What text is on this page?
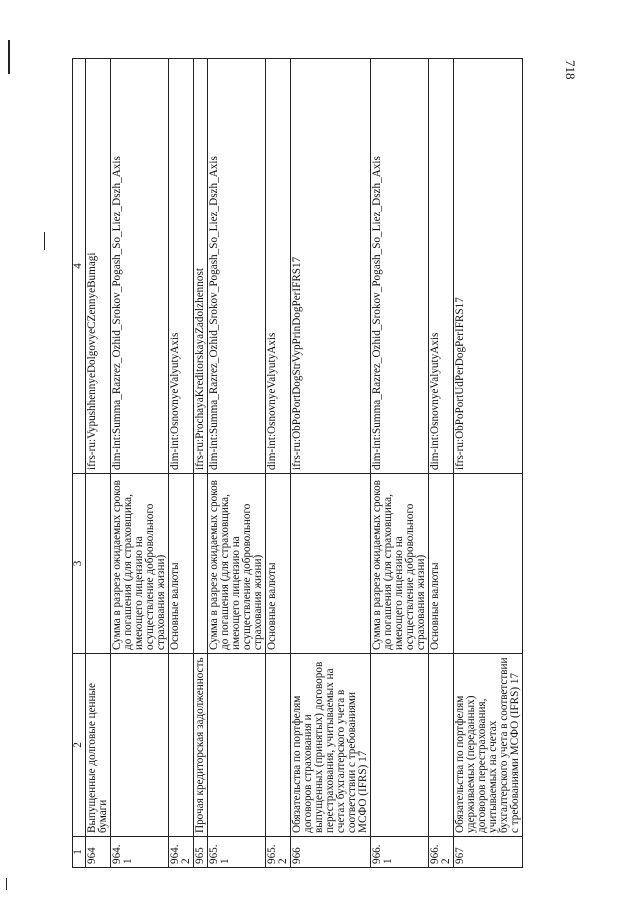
718
1	2	3	4
964	Выпущенные долговые ценные бумаги		ifrs-ru:VypushhennyeDolgovyeCZennyeBumagi
964.1		Сумма в разрезе ожидаемых сроков до погашения (для страховщика, имеющего лицензию на осуществление добровольного страхования жизни)	dim-int:Summa_Razrez_Ozhid_Srokov_Pogash_So_Liez_Dszh_Axis
964.2		Основные валюты	dim-int:OsnovnyeValyutyAxis
965	Прочая кредиторская задолженность		ifrs-ru:ProchayaKreditorskayaZadolzhennost
965.1		Сумма в разрезе ожидаемых сроков до погашения (для страховщика, имеющего лицензию на осуществление добровольного страхования жизни)	dim-int:Summa_Razrez_Ozhid_Srokov_Pogash_So_Liez_Dszh_Axis
965.2		Основные валюты	dim-int:OsnovnyeValyutyAxis
966	Обязательства по портфелям договоров страхования и выпущенных (принятых) договоров перестрахования, учитываемых на счетах бухгалтерского учета в соответствии с требованиями МСФО (IFRS) 17		ifrs-ru:ObPoPortDogStrVypPrinDogPerIFRS17
966.1		Сумма в разрезе ожидаемых сроков до погашения (для страховщика, имеющего лицензию на осуществление добровольного страхования жизни)	dim-int:Summa_Razrez_Ozhid_Srokov_Pogash_So_Liez_Dszh_Axis
966.2		Основные валюты	dim-int:OsnovnyeValyutyAxis
967	Обязательства по портфелям удерживаемых (переданных) договоров перестрахования, учитываемых на счетах бухгалтерского учета в соответствии с требованиями МСФО (IFRS) 17		ifrs-ru:ObPoPortUdPerDogPerIFRS17
